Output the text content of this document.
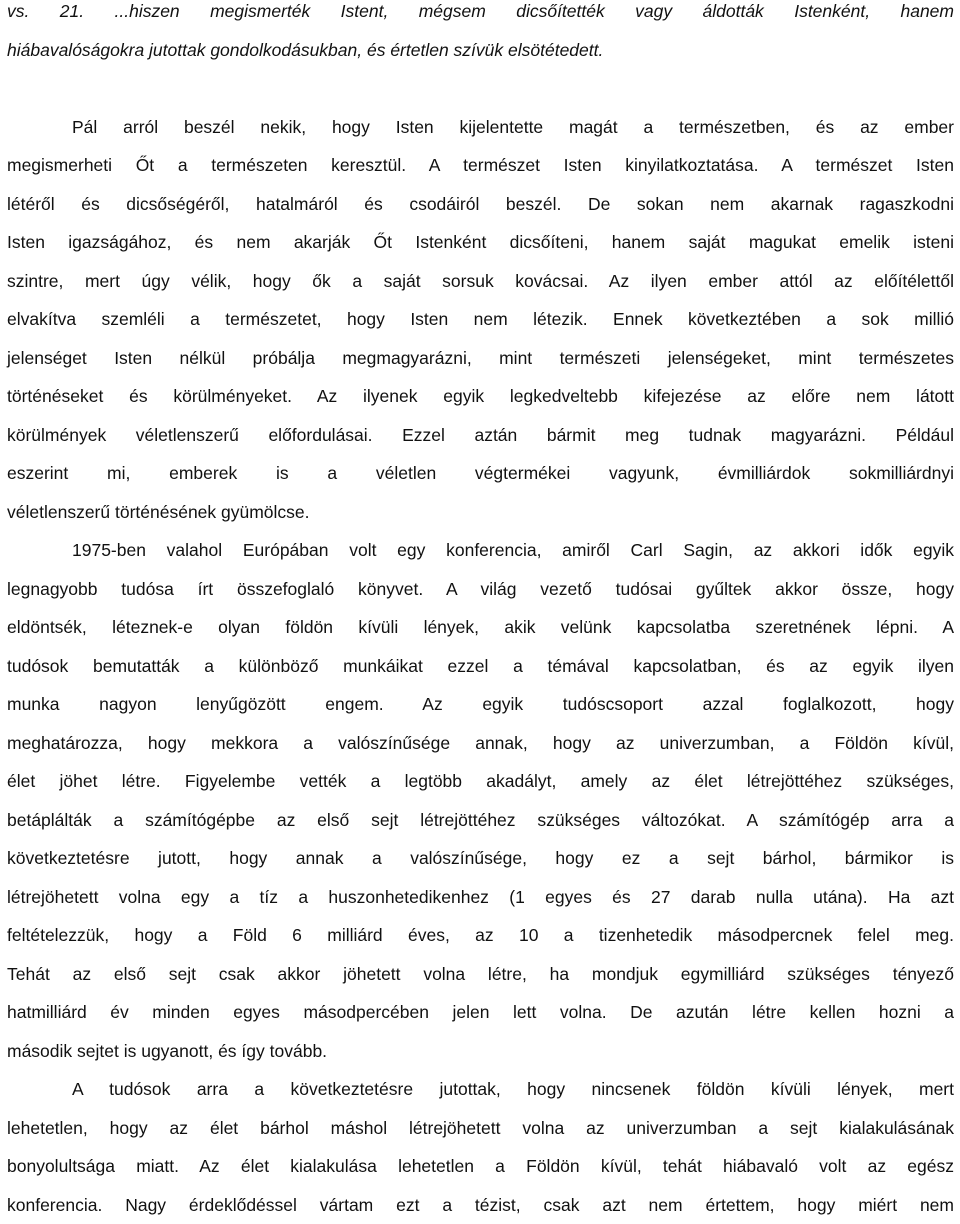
vs. 21. ...hiszen megismerték Istent, mégsem dicsőítették vagy áldották Istenként, hanem
hiábavalóságokra jutottak gondolkodásukban, és értetlen szívük elsötétedett.
Pál arról beszél nekik, hogy Isten kijelentette magát a természetben, és az ember
megismerheti Őt a természeten keresztül. A természet Isten kinyilatkoztatása. A természet Isten
létéről és dicsőségéről, hatalmáról és csodáiról beszél. De sokan nem akarnak ragaszkodni
Isten igazságához, és nem akarják Őt Istenként dicsőíteni, hanem saját magukat emelik isteni
szintre, mert úgy vélik, hogy ők a saját sorsuk kovácsai. Az ilyen ember attól az előítélettől
elvakítva szemléli a természetet, hogy Isten nem létezik. Ennek következtében a sok millió
jelenséget Isten nélkül próbálja megmagyarázni, mint természeti jelenségeket, mint természetes
történéseket és körülményeket. Az ilyenek egyik legkedveltebb kifejezése az előre nem látott
körülmények véletlenszerű előfordulásai. Ezzel aztán bármit meg tudnak magyarázni. Például
eszerint mi, emberek is a véletlen végtermékei vagyunk, évmilliárdok sokmilliárdnyi
véletlenszerű történésének gyümölcse.
1975-ben valahol Európában volt egy konferencia, amiről Carl Sagin, az akkori idők egyik
legnagyobb tudósa írt összefoglaló könyvet. A világ vezető tudósai gyűltek akkor össze, hogy
eldöntsék, léteznek-e olyan földön kívüli lények, akik velünk kapcsolatba szeretnének lépni. A
tudósok bemutatták a különböző munkáikat ezzel a témával kapcsolatban, és az egyik ilyen
munka nagyon lenyűgözött engem. Az egyik tudóscsoport azzal foglalkozott, hogy
meghatározza, hogy mekkora a valószínűsége annak, hogy az univerzumban, a Földön kívül,
élet jöhet létre. Figyelembe vették a legtöbb akadályt, amely az élet létrejöttéhez szükséges,
betáplálták a számítógépbe az első sejt létrejöttéhez szükséges változókat. A számítógép arra a
következtetésre jutott, hogy annak a valószínűsége, hogy ez a sejt bárhol, bármikor is
létrejöhetett volna egy a tíz a huszonhetedikenhez (1 egyes és 27 darab nulla utána). Ha azt
feltételezzük, hogy a Föld 6 milliárd éves, az 10 a tizenhetedik másodpercnek felel meg.
Tehát az első sejt csak akkor jöhetett volna létre, ha mondjuk egymilliárd szükséges tényező
hatmilliárd év minden egyes másodpercében jelen lett volna. De azután létre kellen hozni a
második sejtet is ugyanott, és így tovább.
A tudósok arra a következtetésre jutottak, hogy nincsenek földön kívüli lények, mert
lehetetlen, hogy az élet bárhol máshol létrejöhetett volna az univerzumban a sejt kialakulásának
bonyolultsága miatt. Az élet kialakulása lehetetlen a Földön kívül, tehát hiábavaló volt az egész
konferencia. Nagy érdeklődéssel vártam ezt a tézist, csak azt nem értettem, hogy miért nem
